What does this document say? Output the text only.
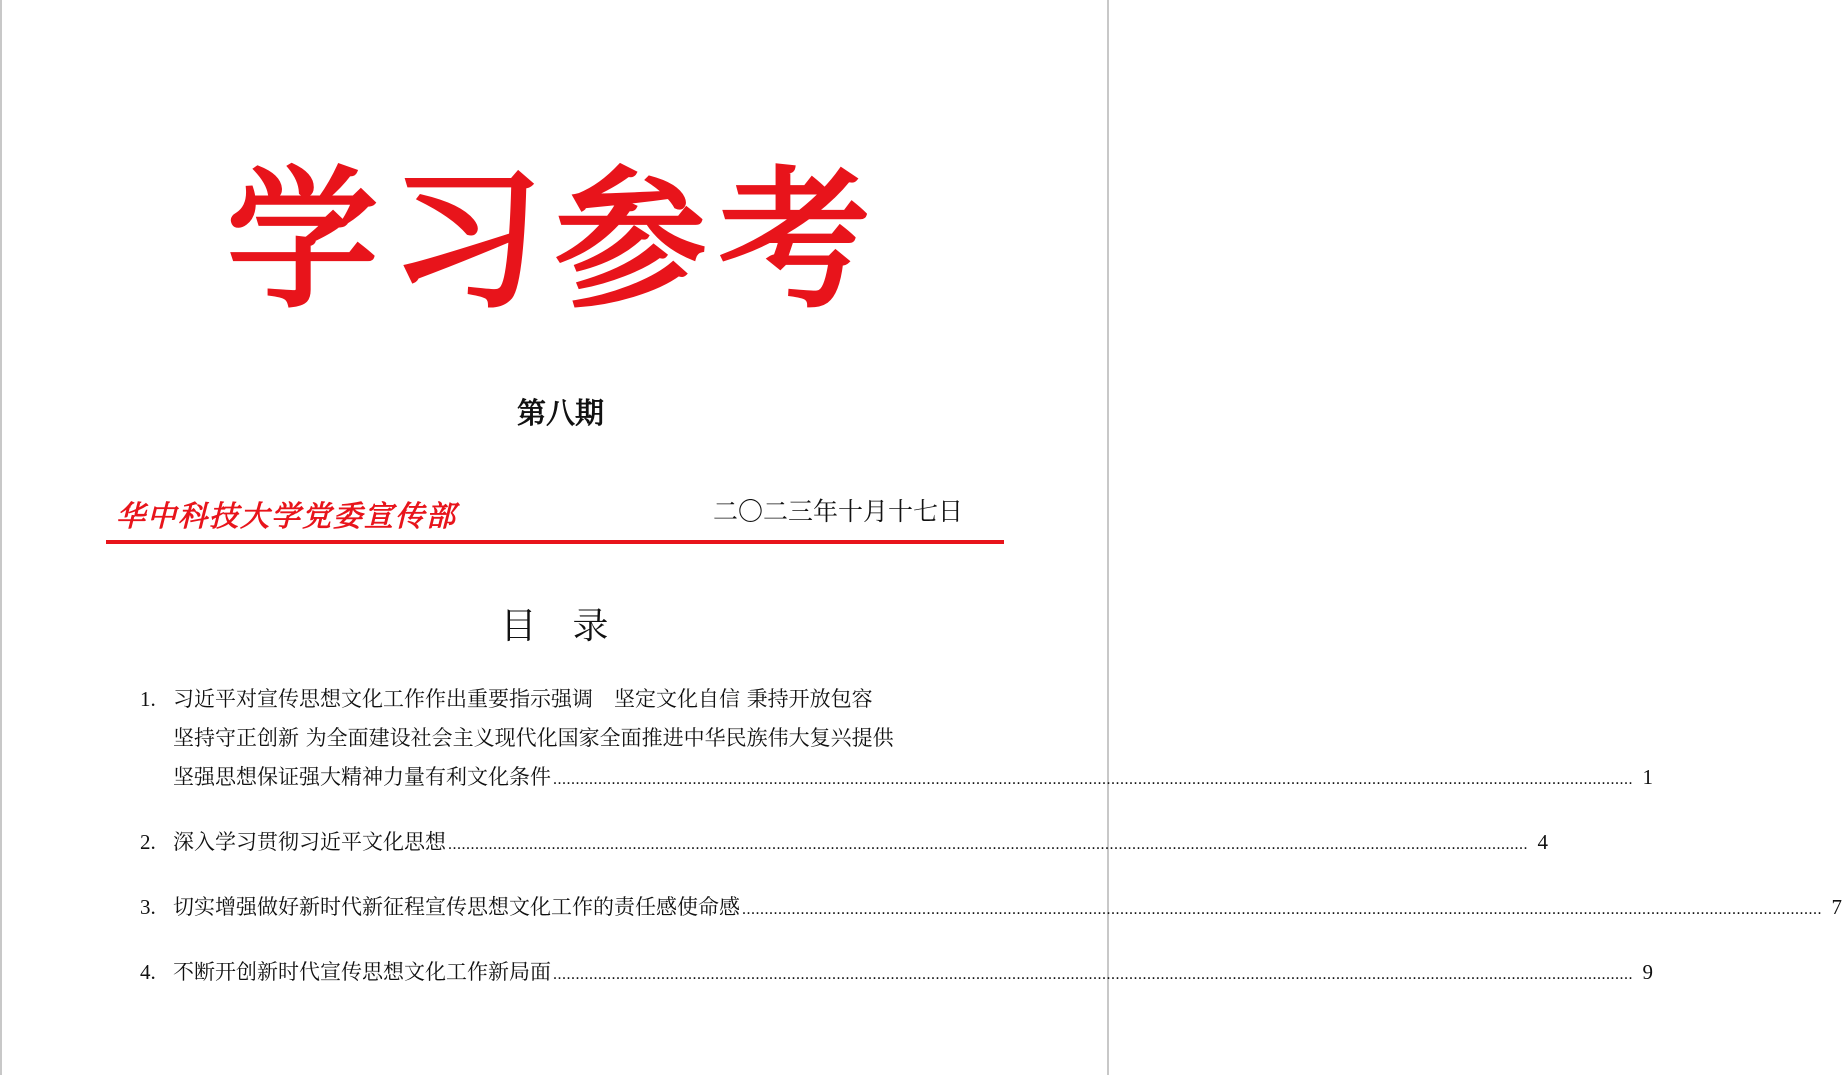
学习参考
第八期
华中科技大学党委宣传部	二〇二三年十月十七日
目录
1. 习近平对宣传思想文化工作作出重要指示强调　坚定文化自信 秉持开放包容
坚持守正创新 为全面建设社会主义现代化国家全面推进中华民族伟大复兴提供
坚强思想保证强大精神力量有利文化条件 ................................................................................................................................................................................................................................................ 1
2. 深入学习贯彻习近平文化思想 ................................................................................................................................................................................................................................................ 4
3. 切实增强做好新时代新征程宣传思想文化工作的责任感使命感 ................................................................................................................................................................................................................................................ 7
4. 不断开创新时代宣传思想文化工作新局面 ................................................................................................................................................................................................................................................ 9
